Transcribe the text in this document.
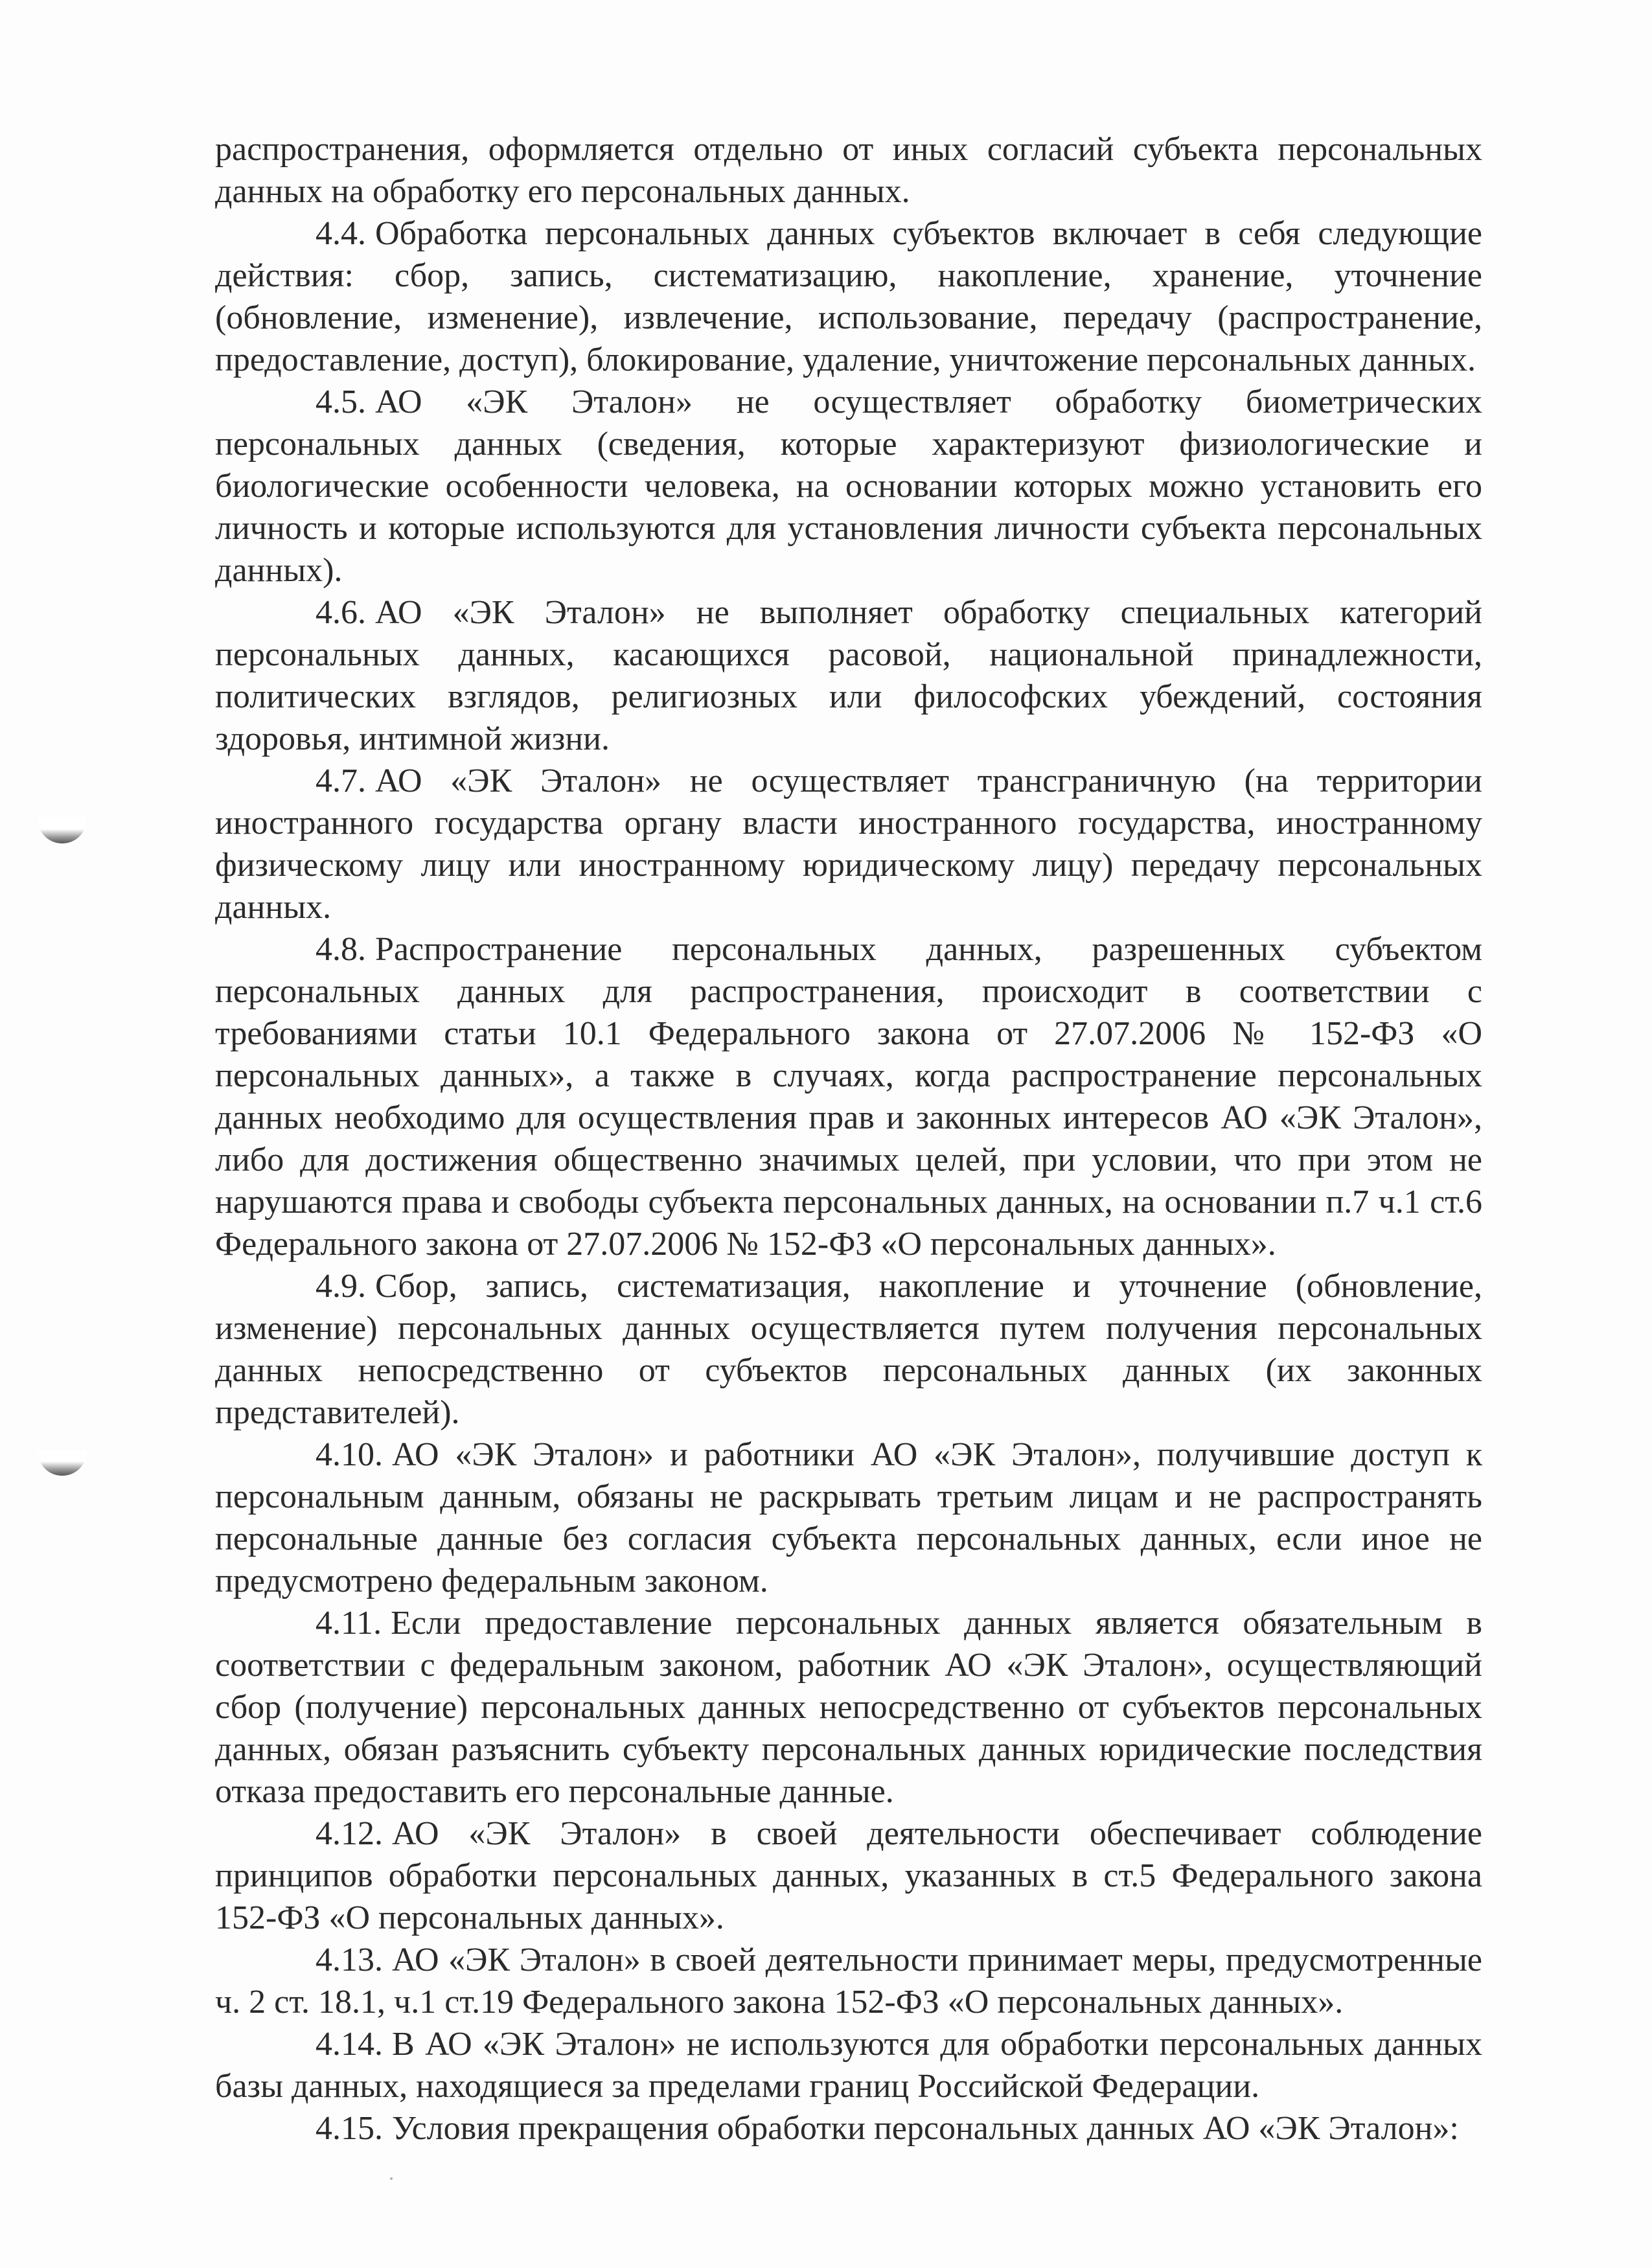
распространения, оформляется отдельно от иных согласий субъекта персональных данных на обработку его персональных данных.

4.4. Обработка персональных данных субъектов включает в себя следующие действия: сбор, запись, систематизацию, накопление, хранение, уточнение (обновление, изменение), извлечение, использование, передачу (распространение, предоставление, доступ), блокирование, удаление, уничтожение персональных данных.

4.5. АО «ЭК Эталон» не осуществляет обработку биометрических персональных данных (сведения, которые характеризуют физиологические и биологические особенности человека, на основании которых можно установить его личность и которые используются для установления личности субъекта персональных данных).

4.6. АО «ЭК Эталон» не выполняет обработку специальных категорий персональных данных, касающихся расовой, национальной принадлежности, политических взглядов, религиозных или философских убеждений, состояния здоровья, интимной жизни.

4.7. АО «ЭК Эталон» не осуществляет трансграничную (на территории иностранного государства органу власти иностранного государства, иностранному физическому лицу или иностранному юридическому лицу) передачу персональных данных.

4.8. Распространение персональных данных, разрешенных субъектом персональных данных для распространения, происходит в соответствии с требованиями статьи 10.1 Федерального закона от 27.07.2006 № 152-ФЗ «О персональных данных», а также в случаях, когда распространение персональных данных необходимо для осуществления прав и законных интересов АО «ЭК Эталон», либо для достижения общественно значимых целей, при условии, что при этом не нарушаются права и свободы субъекта персональных данных, на основании п.7 ч.1 ст.6 Федерального закона от 27.07.2006 № 152-ФЗ «О персональных данных».

4.9. Сбор, запись, систематизация, накопление и уточнение (обновление, изменение) персональных данных осуществляется путем получения персональных данных непосредственно от субъектов персональных данных (их законных представителей).

4.10. АО «ЭК Эталон» и работники АО «ЭК Эталон», получившие доступ к персональным данным, обязаны не раскрывать третьим лицам и не распространять персональные данные без согласия субъекта персональных данных, если иное не предусмотрено федеральным законом.

4.11. Если предоставление персональных данных является обязательным в соответствии с федеральным законом, работник АО «ЭК Эталон», осуществляющий сбор (получение) персональных данных непосредственно от субъектов персональных данных, обязан разъяснить субъекту персональных данных юридические последствия отказа предоставить его персональные данные.

4.12. АО «ЭК Эталон» в своей деятельности обеспечивает соблюдение принципов обработки персональных данных, указанных в ст.5 Федерального закона 152-ФЗ «О персональных данных».

4.13. АО «ЭК Эталон» в своей деятельности принимает меры, предусмотренные ч. 2 ст. 18.1, ч.1 ст.19 Федерального закона 152-ФЗ «О персональных данных».

4.14. В АО «ЭК Эталон» не используются для обработки персональных данных базы данных, находящиеся за пределами границ Российской Федерации.

4.15. Условия прекращения обработки персональных данных АО «ЭК Эталон»:
